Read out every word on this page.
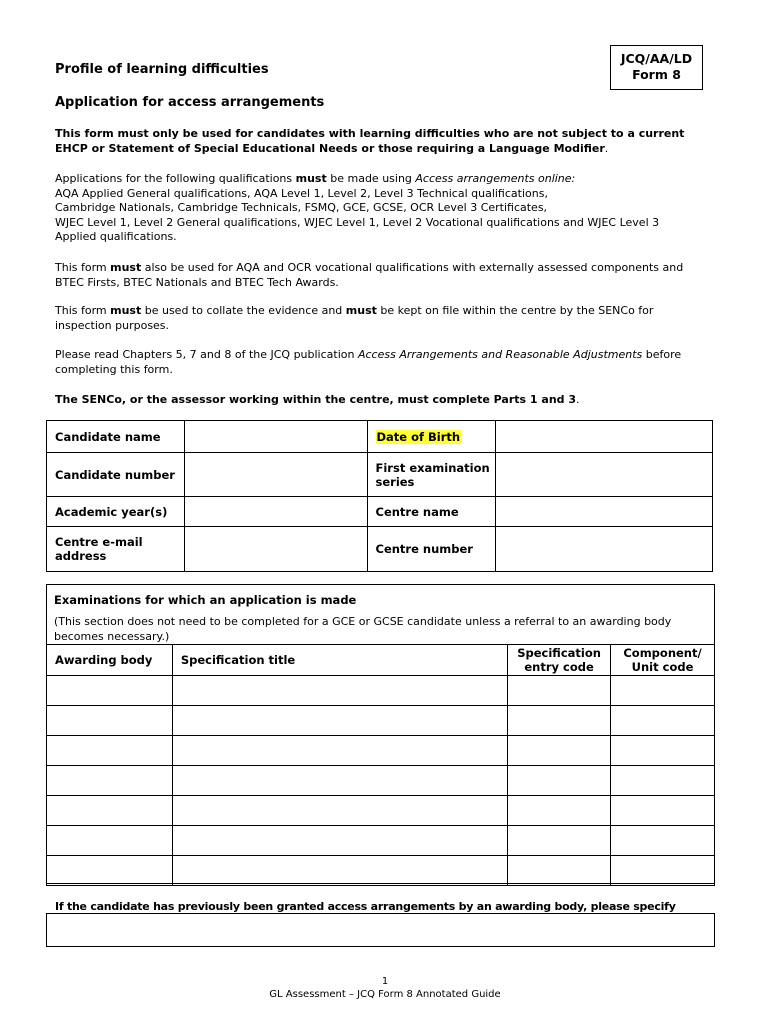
JCQ/AA/LD
Form 8
Profile of learning difficulties
Application for access arrangements

This form must only be used for candidates with learning difficulties who are not subject to a current EHCP or Statement of Special Educational Needs or those requiring a Language Modifier.

Applications for the following qualifications must be made using Access arrangements online:

AQA Applied General qualifications, AQA Level 1, Level 2, Level 3 Technical qualifications,
Cambridge Nationals, Cambridge Technicals, FSMQ, GCE, GCSE, OCR Level 3 Certificates,
WJEC Level 1, Level 2 General qualifications, WJEC Level 1, Level 2 Vocational qualifications and WJEC Level 3
Applied qualifications.

This form must also be used for AQA and OCR vocational qualifications with externally assessed components and BTEC Firsts, BTEC Nationals and BTEC Tech Awards.

This form must be used to collate the evidence and must be kept on file within the centre by the SENCo for inspection purposes.

Please read Chapters 5, 7 and 8 of the JCQ publication Access Arrangements and Reasonable Adjustments before completing this form.

The SENCo, or the assessor working within the centre, must complete Parts 1 and 3.

Candidate name		Date of Birth	
Candidate number		First examination series	
Academic year(s)		Centre name	
Centre e-mail address		Centre number	
Examinations for which an application is made
(This section does not need to be completed for a GCE or GCSE candidate unless a referral to an awarding body becomes necessary.)
Awarding body	Specification title	Specification entry code	Component/ Unit code

If the candidate has previously been granted access arrangements by an awarding body, please specify
1
GL Assessment – JCQ Form 8 Annotated Guide
